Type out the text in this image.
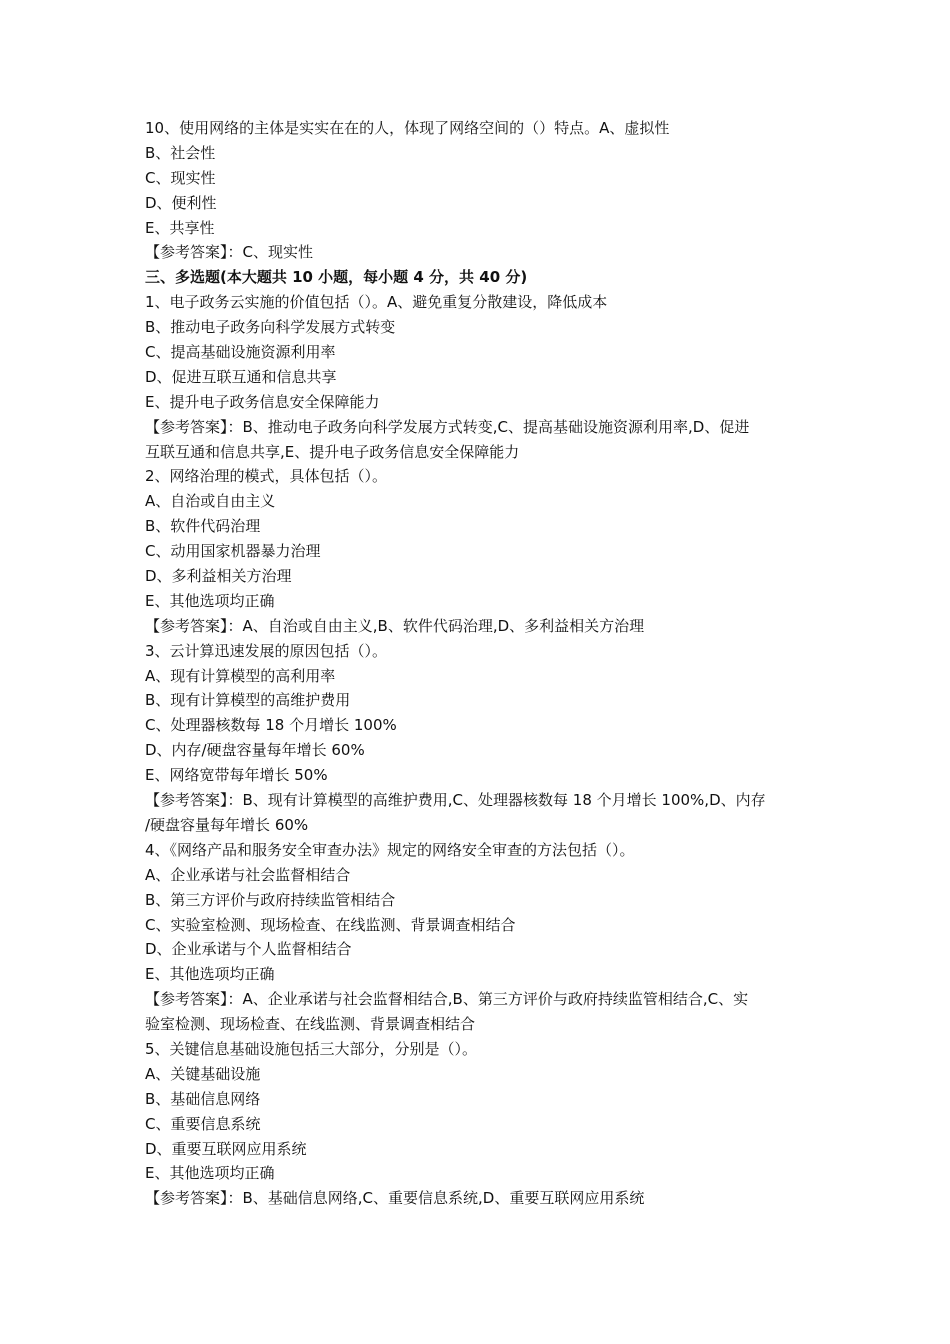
10、使用网络的主体是实实在在的人，体现了网络空间的（）特点。A、虚拟性
B、社会性
C、现实性
D、便利性
E、共享性
【参考答案】：C、现实性
三、多选题(本大题共 10 小题，每小题 4 分，共 40 分)
1、电子政务云实施的价值包括（）。A、避免重复分散建设，降低成本
B、推动电子政务向科学发展方式转变
C、提高基础设施资源利用率
D、促进互联互通和信息共享
E、提升电子政务信息安全保障能力
【参考答案】：B、推动电子政务向科学发展方式转变,C、提高基础设施资源利用率,D、促进
互联互通和信息共享,E、提升电子政务信息安全保障能力
2、网络治理的模式，具体包括（）。
A、自治或自由主义
B、软件代码治理
C、动用国家机器暴力治理
D、多利益相关方治理
E、其他选项均正确
【参考答案】：A、自治或自由主义,B、软件代码治理,D、多利益相关方治理
3、云计算迅速发展的原因包括（）。
A、现有计算模型的高利用率
B、现有计算模型的高维护费用
C、处理器核数每 18 个月增长 100%
D、内存/硬盘容量每年增长 60%
E、网络宽带每年增长 50%
【参考答案】：B、现有计算模型的高维护费用,C、处理器核数每 18 个月增长 100%,D、内存
/硬盘容量每年增长 60%
4、《网络产品和服务安全审查办法》规定的网络安全审查的方法包括（）。
A、企业承诺与社会监督相结合
B、第三方评价与政府持续监管相结合
C、实验室检测、现场检查、在线监测、背景调查相结合
D、企业承诺与个人监督相结合
E、其他选项均正确
【参考答案】：A、企业承诺与社会监督相结合,B、第三方评价与政府持续监管相结合,C、实
验室检测、现场检查、在线监测、背景调查相结合
5、关键信息基础设施包括三大部分，分别是（）。
A、关键基础设施
B、基础信息网络
C、重要信息系统
D、重要互联网应用系统
E、其他选项均正确
【参考答案】：B、基础信息网络,C、重要信息系统,D、重要互联网应用系统
